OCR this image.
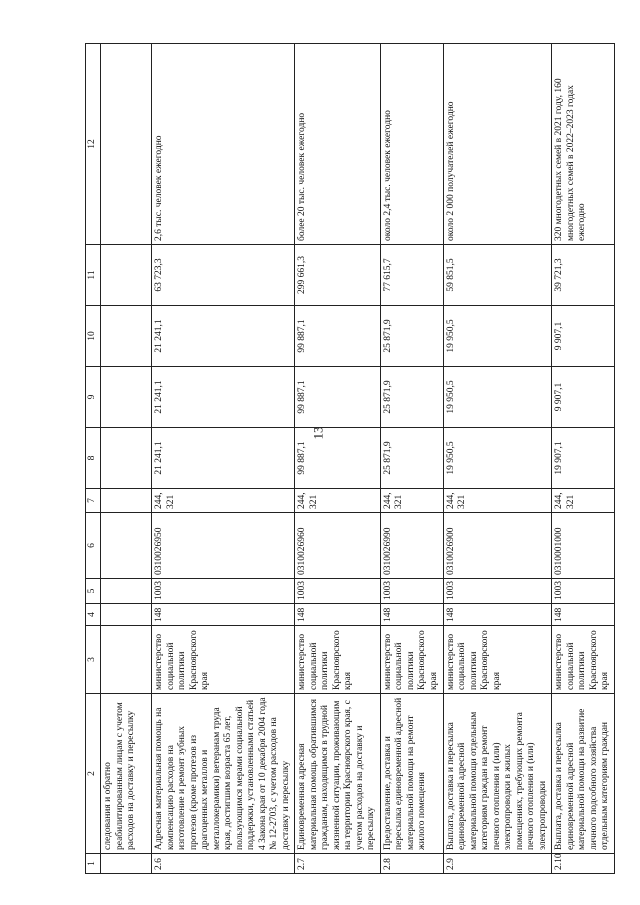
13
1	2	3	4	5	6	7	8	9	10	11	12
	следования и обратно реабилитированным лицам с учетом расходов на доставку и пересылку										
2.6	Адресная материальная помощь на компенсацию расходов на изготовление и ремонт зубных протезов (кроме протезов из драгоценных металлов и металлокерамики) ветеранам труда края, достигшим возраста 65 лет, пользующимся мерами социальной поддержки, установленными статьей 4 Закона края от 10 декабря 2004 года № 12-2703, с учетом расходов на доставку и пересылку	министерство социальной политики Красноярского края	148	1003	0310026950	244, 321	21 241,1	21 241,1	21 241,1	63 723,3	2,6 тыс. человек ежегодно
2.7	Единовременная адресная материальная помощь обратившимся гражданам, находящимся в трудной жизненной ситуации, проживающим на территории Красноярского края, с учетом расходов на доставку и пересылку	министерство социальной политики Красноярского края	148	1003	0310026960	244, 321	99 887,1	99 887,1	99 887,1	299 661,3	более 20 тыс. человек ежегодно
2.8	Предоставление, доставка и пересылка единовременной адресной материальной помощи на ремонт жилого помещения	министерство социальной политики Красноярского края	148	1003	0310026990	244, 321	25 871,9	25 871,9	25 871,9	77 615,7	около 2,4 тыс. человек ежегодно
2.9	Выплата, доставка и пересылка единовременной адресной материальной помощи отдельным категориям граждан на ремонт печного отопления и (или) электропроводки в жилых помещениях, требующих ремонта печного отопления и (или) электропроводки	министерство социальной политики Красноярского края	148	1003	0310026900	244, 321	19 950,5	19 950,5	19 950,5	59 851,5	около 2 000 получателей ежегодно
2.10	Выплата, доставка и пересылка единовременной адресной материальной помощи на развитие личного подсобного хозяйства отдельным категориям граждан	министерство социальной политики Красноярского края	148	1003	0310001000	244, 321	19 907,1	9 907,1	9 907,1	39 721,3	320 многодетных семей в 2021 году, 160 многодетных семей в 2022–2023 годах ежегодно
